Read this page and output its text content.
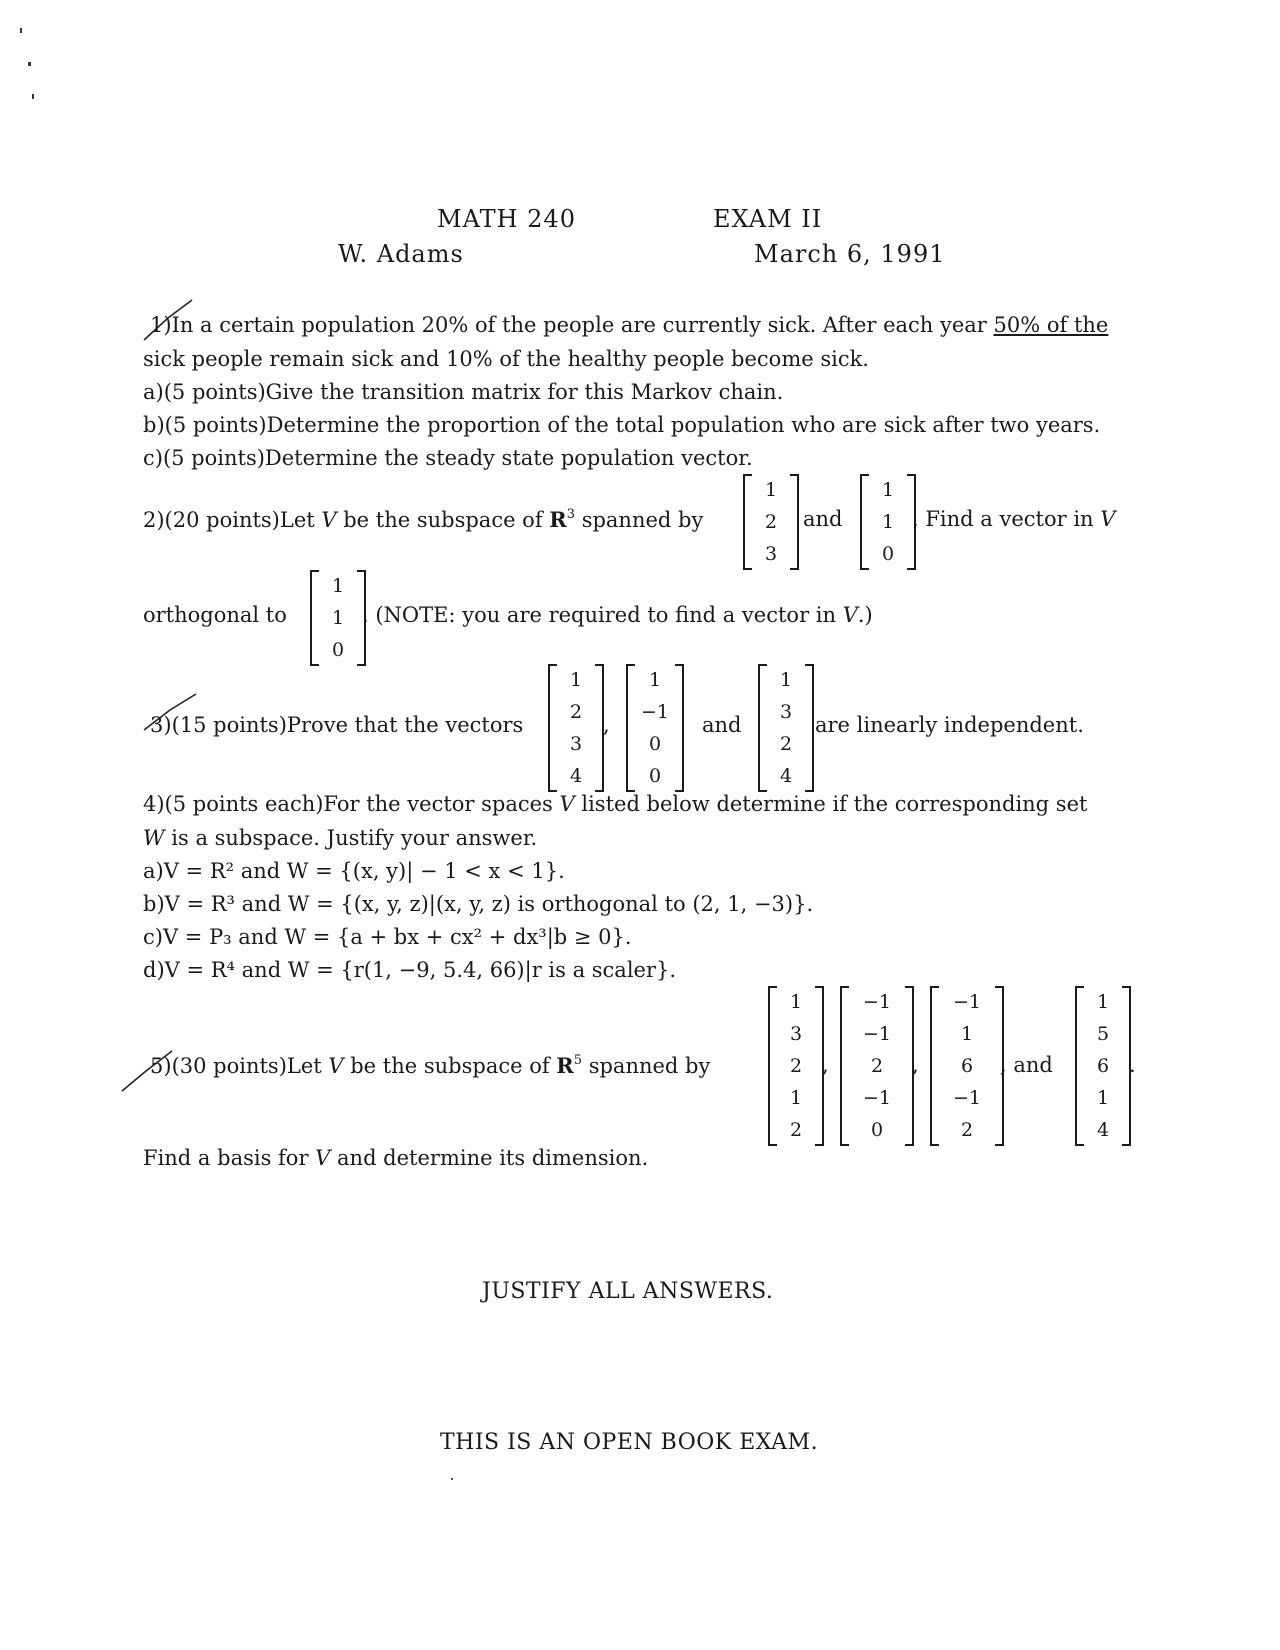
MATH 240	EXAM II
W. Adams	March 6, 1991
1)In a certain population 20% of the people are currently sick. After each year 50% of the
sick people remain sick and 10% of the healthy people become sick.
a)(5 points)Give the transition matrix for this Markov chain.
b)(5 points)Determine the proportion of the total population who are sick after two years.
c)(5 points)Determine the steady state population vector.
2)(20 points)Let V be the subspace of $R^3$ spanned by
1
2
3
and
1
1
0
. Find a vector in V
orthogonal to
1
1
0
. (NOTE: you are required to find a vector in V.)
3)(15 points)Prove that the vectors
1
2
3
4
,
1
−1
0
0
and
1
3
2
4
are linearly independent.
4)(5 points each)For the vector spaces V listed below determine if the corresponding set
W is a subspace. Justify your answer.
a)V = R² and W = {(x, y)| − 1 < x < 1}.
b)V = R³ and W = {(x, y, z)|(x, y, z) is orthogonal to (2, 1, −3)}.
c)V = P₃ and W = {a + bx + cx² + dx³|b ≥ 0}.
d)V = R⁴ and W = {r(1, −9, 5.4, 66)|r is a scaler}.
5)(30 points)Let V be the subspace of $R^5$ spanned by
1
3
2
1
2
,
−1
−1
2
−1
0
,
−1
1
6
−1
2
, and
1
5
6
1
4
.
Find a basis for V and determine its dimension.
JUSTIFY ALL ANSWERS.
THIS IS AN OPEN BOOK EXAM.
